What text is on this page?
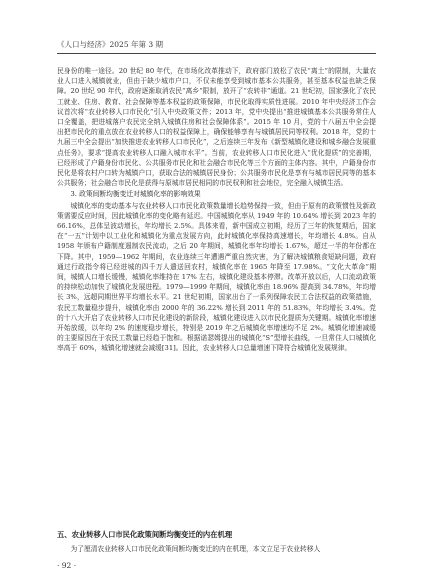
《人口与经济》2025 年第 3 期

民身份的唯一途径。20 世纪 80 年代，在市场化改革推动下，政府部门放松了农民“离土”的限制，大量农业人口进入城镇就业，但由于缺少城市户口，不仅未能享受到城市基本公共服务，甚至基本权益也缺乏保障。20 世纪 90 年代，政府逐渐取消农民“离乡”限制，放开了“农转非”通道。21 世纪初，国家强化了农民工就业、住房、教育、社会保障等基本权益的政策保障，市民化取得实质性进展。2010 年中央经济工作会议首次将“农业转移人口市民化”引入中央政策文件；2013 年，党中央提出“推进城镇基本公共服务常住人口全覆盖，把进城落户农民完全纳入城镇住房和社会保障体系”。2015 年 10 月，党的十八届五中全会提出把市民化的重点放在农业转移人口的权益保障上，确保能够享有与城镇居民同等权利。2018 年，党的十九届三中全会提出“加快推进农业转移人口市民化”，之后连续三年发布《新型城镇化建设和城乡融合发展重点任务》，要求“提高农业转移人口融入城市水平”。当前，农业转移人口市民化进入“优化提质”的完善期，已经形成了户籍身份市民化、公共服务市民化和社会融合市民化等三个方面的主体内容。其中，户籍身份市民化是将农村户口转为城镇户口，获取合法的城镇居民身份；公共服务市民化是享有与城市居民同等的基本公共服务；社会融合市民化是获得与原城市居民相同的市民权利和社会地位，完全融入城镇生活。

3. 政策间断均衡变迁对城镇化率的影响效果

城镇化率的变动基本与农业转移人口市民化政策数量增长趋势保持一致，但由于原有的政策惯性及新政策需要反应时间，因此城镇化率的变化略有延迟。中国城镇化率从 1949 年的 10.64% 增长到 2023 年的 66.16%，总体呈波动增长，年均增长 2.5%。具体来看，新中国成立初期，经历了三年的恢复期后，国家在“一五”计划中以工业化和城镇化为重点发展方向，此时城镇化率保持高速增长，年均增长 4.8%。自从 1958 年颁布户籍制度遏制农民流动，之后 20 年期间，城镇化率年均增长 1.67%，超过一半的年份都在下降。其中，1959—1962 年期间，农业连续三年遭遇严重自然灾害，为了解决城镇粮食短缺问题，政府通过行政指令将已经进城的四千万人遣送回农村，城镇化率在 1965 年降至 17.98%。“文化大革命”期间，城镇人口增长缓慢，城镇化率维持在 17% 左右，城镇化建设基本停滞。改革开放以后，人口流动政策的持续松动加快了城镇化发展进程。1979—1999 年期间，城镇化率由 18.96% 提高到 34.78%，年均增长 3%，远超同期世界平均增长水平。21 世纪初期，国家出台了一系列保障农民工合法权益的政策措施，农民工数量稳步提升，城镇化率由 2000 年的 36.22% 增长到 2011 年的 51.83%，年均增长 3.4%。党的十八大开启了农业转移人口市民化建设的新阶段，城镇化建设进入以市民化提质为关键期。城镇化率增速开始放缓，以年均 2% 的速度稳步增长，特别是 2019 年之后城镇化率增速均不足 2%。城镇化增速减缓的主要原因在于农民工数量已经趋于饱和。根据诺瑟姆提出的城镇化“S”型增长曲线，一旦常住人口城镇化率高于 60%，城镇化增速就会减缓[31]。因此，农业转移人口总量增速下降符合城镇化发展规律。

五、农业转移人口市民化政策间断均衡变迁的内在机理
为了厘清农业转移人口市民化政策间断均衡变迁的内在机理，本文立足于农业转移人
· 92 ·
